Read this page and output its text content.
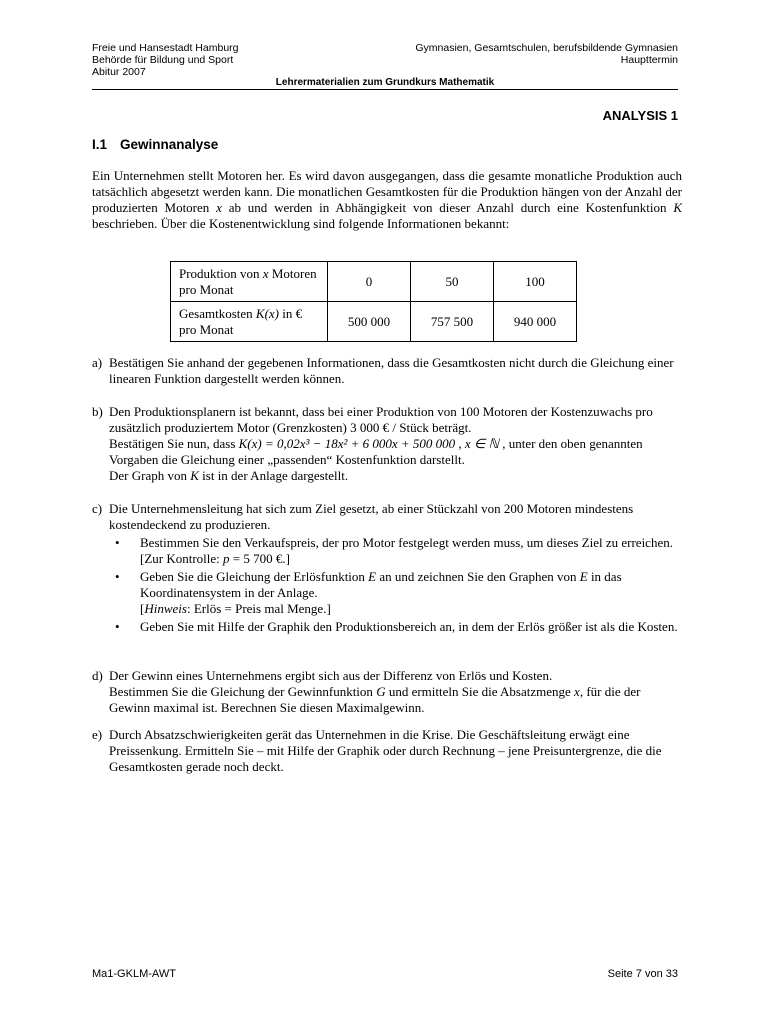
Freie und Hansestadt Hamburg
Behörde für Bildung und Sport
Abitur 2007
Gymnasien, Gesamtschulen, berufsbildende Gymnasien
Haupttermin
Lehrermaterialien zum Grundkurs Mathematik
ANALYSIS 1
I.1 Gewinnanalyse
Ein Unternehmen stellt Motoren her. Es wird davon ausgegangen, dass die gesamte monatliche Produktion auch tatsächlich abgesetzt werden kann. Die monatlichen Gesamtkosten für die Produktion hängen von der Anzahl der produzierten Motoren x ab und werden in Abhängigkeit von dieser Anzahl durch eine Kostenfunktion K beschrieben. Über die Kostenentwicklung sind folgende Informationen bekannt:
Produktion von x Motoren
pro Monat	0	50	100
Gesamtkosten K(x) in €
pro Monat	500 000	757 500	940 000
a) Bestätigen Sie anhand der gegebenen Informationen, dass die Gesamtkosten nicht durch die Gleichung einer linearen Funktion dargestellt werden können.
b) Den Produktionsplanern ist bekannt, dass bei einer Produktion von 100 Motoren der Kostenzuwachs pro zusätzlich produziertem Motor (Grenzkosten) 3 000 € / Stück beträgt.
Bestätigen Sie nun, dass K(x) = 0,02x³ − 18x² + 6 000x + 500 000 , x ∈ ℕ , unter den oben genannten Vorgaben die Gleichung einer „passenden“ Kostenfunktion darstellt.
Der Graph von K ist in der Anlage dargestellt.
c) Die Unternehmensleitung hat sich zum Ziel gesetzt, ab einer Stückzahl von 200 Motoren mindestens kostendeckend zu produzieren.
• Bestimmen Sie den Verkaufspreis, der pro Motor festgelegt werden muss, um dieses Ziel zu erreichen. [Zur Kontrolle: p = 5 700 €.]
• Geben Sie die Gleichung der Erlösfunktion E an und zeichnen Sie den Graphen von E in das Koordinatensystem in der Anlage.
[Hinweis: Erlös = Preis mal Menge.]
• Geben Sie mit Hilfe der Graphik den Produktionsbereich an, in dem der Erlös größer ist als die Kosten.
d) Der Gewinn eines Unternehmens ergibt sich aus der Differenz von Erlös und Kosten.
Bestimmen Sie die Gleichung der Gewinnfunktion G und ermitteln Sie die Absatzmenge x, für die der Gewinn maximal ist. Berechnen Sie diesen Maximalgewinn.
e) Durch Absatzschwierigkeiten gerät das Unternehmen in die Krise. Die Geschäftsleitung erwägt eine Preissenkung. Ermitteln Sie – mit Hilfe der Graphik oder durch Rechnung – jene Preisuntergrenze, die die Gesamtkosten gerade noch deckt.
Ma1-GKLM-AWT	Seite 7 von 33
